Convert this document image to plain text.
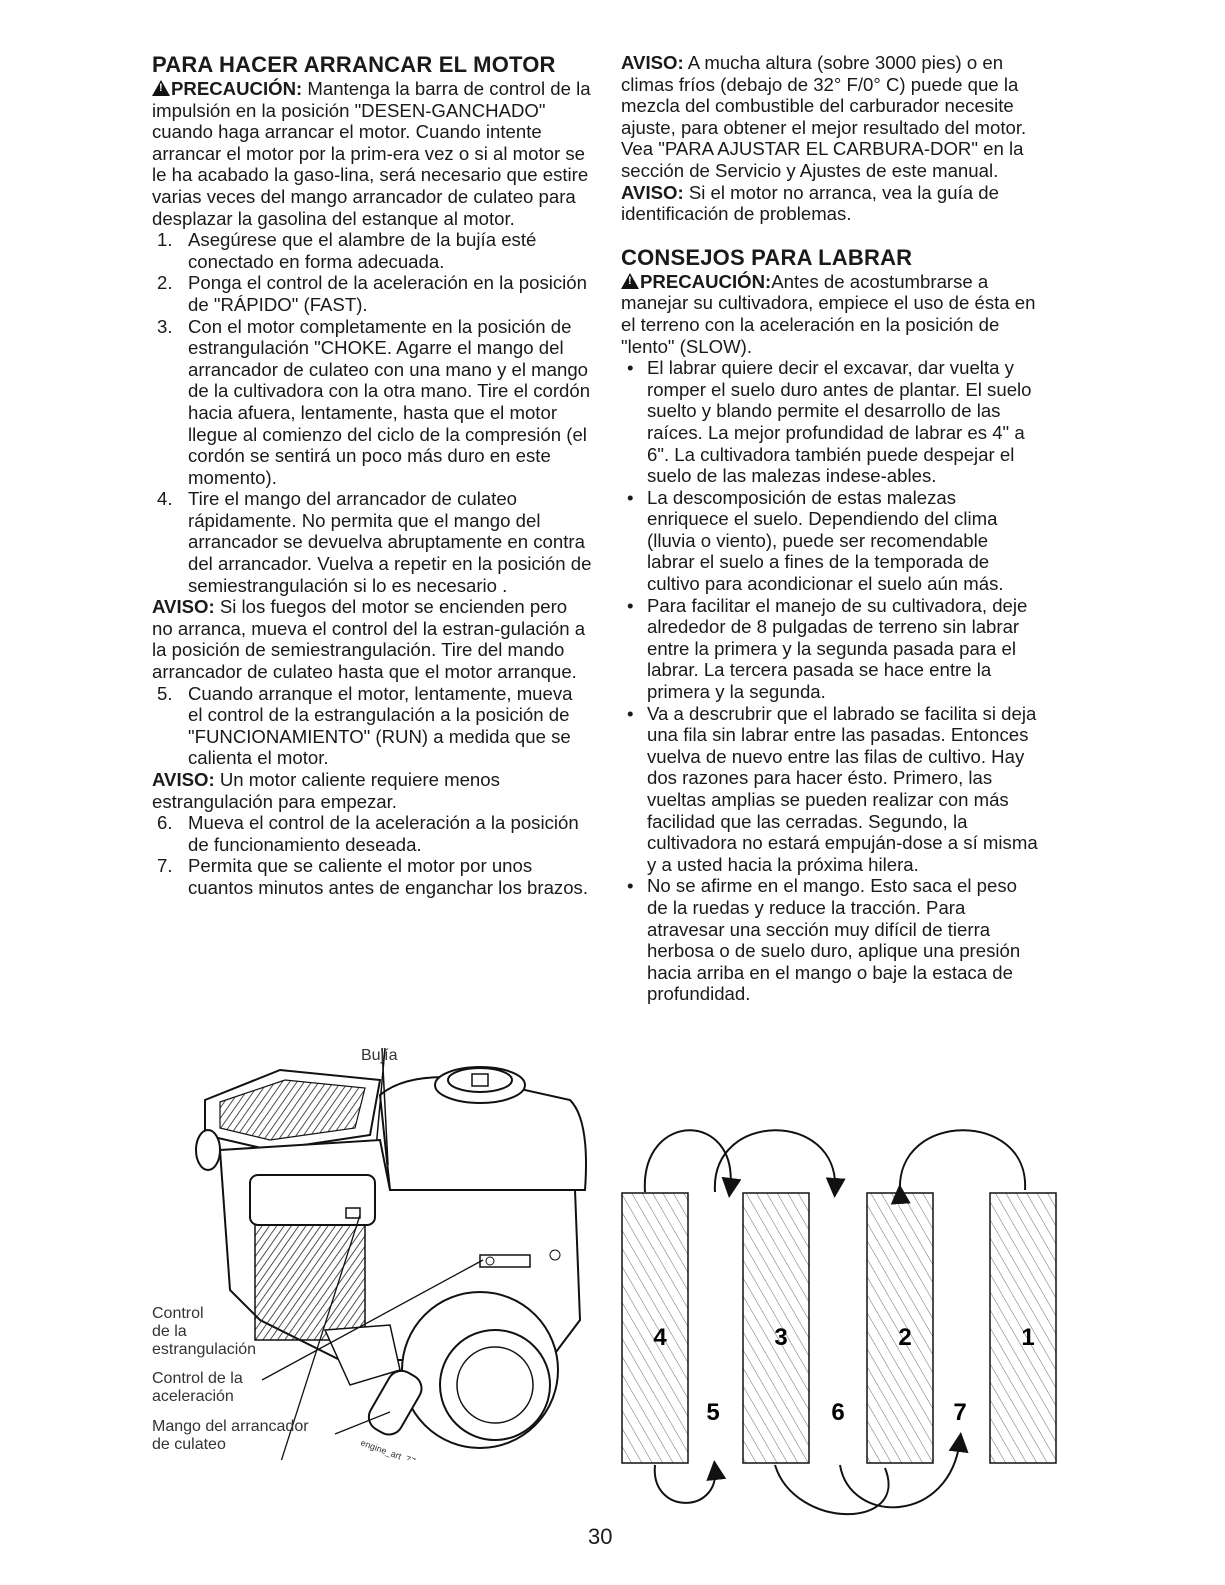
PARA HACER ARRANCAR EL MOTOR

!PRECAUCIÓN: Mantenga la barra de control de la impulsión en la posición "DESEN-GANCHADO" cuando haga arrancar el motor. Cuando intente arrancar el motor por la prim-era vez o si al motor se le ha acabado la gaso-lina, será necesario que estire varias veces del mango arrancador de culateo para desplazar la gasolina del estanque al motor.

1. Asegúrese que el alambre de la bujía esté conectado en forma adecuada.
2. Ponga el control de la aceleración en la posición de "RÁPIDO" (FAST).
3. Con el motor completamente en la posición de estrangulación "CHOKE. Agarre el mango del arrancador de culateo con una mano y el mango de la cultivadora con la otra mano. Tire el cordón hacia afuera, lentamente, hasta que el motor llegue al comienzo del ciclo de la compresión (el cordón se sentirá un poco más duro en este momento).
4. Tire el mango del arrancador de culateo rápidamente. No permita que el mango del arrancador se devuelva abruptamente en contra del arrancador. Vuelva a repetir en la posición de semiestrangulación si lo es necesario .

AVISO: Si los fuegos del motor se encienden pero no arranca, mueva el control del la estran-gulación a la posición de semiestrangulación. Tire del mando arrancador de culateo hasta que el motor arranque.

5. Cuando arranque el motor, lentamente, mueva el control de la estrangulación a la posición de "FUNCIONAMIENTO" (RUN) a medida que se calienta el motor.

AVISO: Un motor caliente requiere menos estrangulación para empezar.

6. Mueva el control de la aceleración a la posición de funcionamiento deseada.
7. Permita que se caliente el motor por unos cuantos minutos antes de enganchar los brazos.
engine_art_77
Bujía
Control
de la
estrangulación
Control de la
aceleración
Mango del arrancador
de culateo

AVISO: A mucha altura (sobre 3000 pies) o en climas fríos (debajo de 32° F/0° C) puede que la mezcla del combustible del carburador necesite ajuste, para obtener el mejor resultado del motor. Vea "PARA AJUSTAR EL CARBURA-DOR" en la sección de Servicio y Ajustes de este manual.

AVISO: Si el motor no arranca, vea la guía de identificación de problemas.

CONSEJOS PARA LABRAR

!PRECAUCIÓN:Antes de acostumbrarse a manejar su cultivadora, empiece el uso de ésta en el terreno con la aceleración en la posición de "lento" (SLOW).

• El labrar quiere decir el excavar, dar vuelta y romper el suelo duro antes de plantar. El suelo suelto y blando permite el desarrollo de las raíces. La mejor profundidad de labrar es 4" a 6". La cultivadora también puede despejar el suelo de las malezas indese-ables.
• La descomposición de estas malezas enriquece el suelo. Dependiendo del clima (lluvia o viento), puede ser recomendable labrar el suelo a fines de la temporada de cultivo para acondicionar el suelo aún más.
• Para facilitar el manejo de su cultivadora, deje alrededor de 8 pulgadas de terreno sin labrar entre la primera y la segunda pasada para el labrar. La tercera pasada se hace entre la primera y la segunda.
• Va a descrubrir que el labrado se facilita si deja una fila sin labrar entre las pasadas. Entonces vuelva de nuevo entre las filas de cultivo. Hay dos razones para hacer ésto. Primero, las vueltas amplias se pueden realizar con más facilidad que las cerradas. Segundo, la cultivadora no estará empuján-dose a sí misma y a usted hacia la próxima hilera.
• No se afirme en el mango. Esto saca el peso de la ruedas y reduce la tracción. Para atravesar una sección muy difícil de tierra herbosa o de suelo duro, aplique una presión hacia arriba en el mango o baje la estaca de profundidad.
4	3	2	1
5	6	7
30
